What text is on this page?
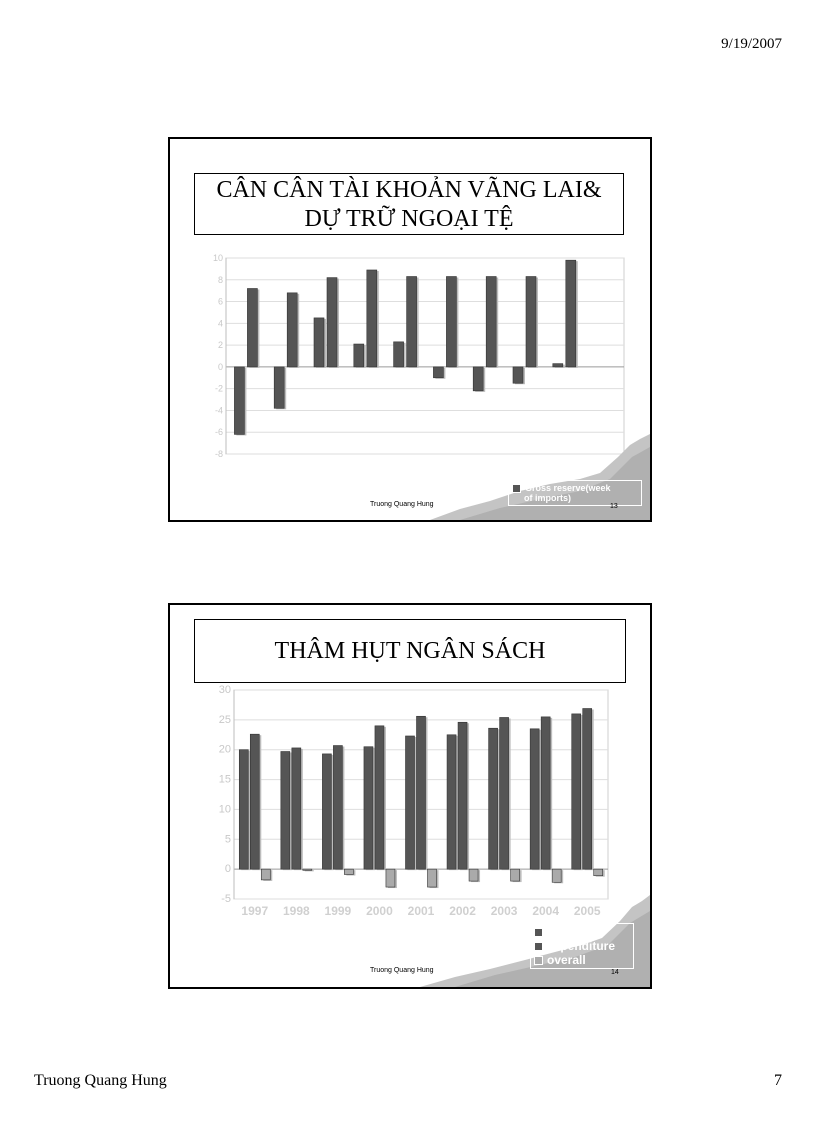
9/19/2007
10
8
6
4
2
0
-2
-4
-6
-8
CÂN CÂN TÀI KHOẢN VÃNG LAI&
DỰ TRỮ NGOẠI TỆ
Gross reserve(week
of imports)
Truong Quang Hung	13
30
25
20
15
10
5
0
-5
1997 1998 1999 2000 2001 2002 2003 2004 2005
THÂM HỤT NGÂN SÁCH
revenue
expenditure
overall
Truong Quang Hung	14
Truong Quang Hung	7
